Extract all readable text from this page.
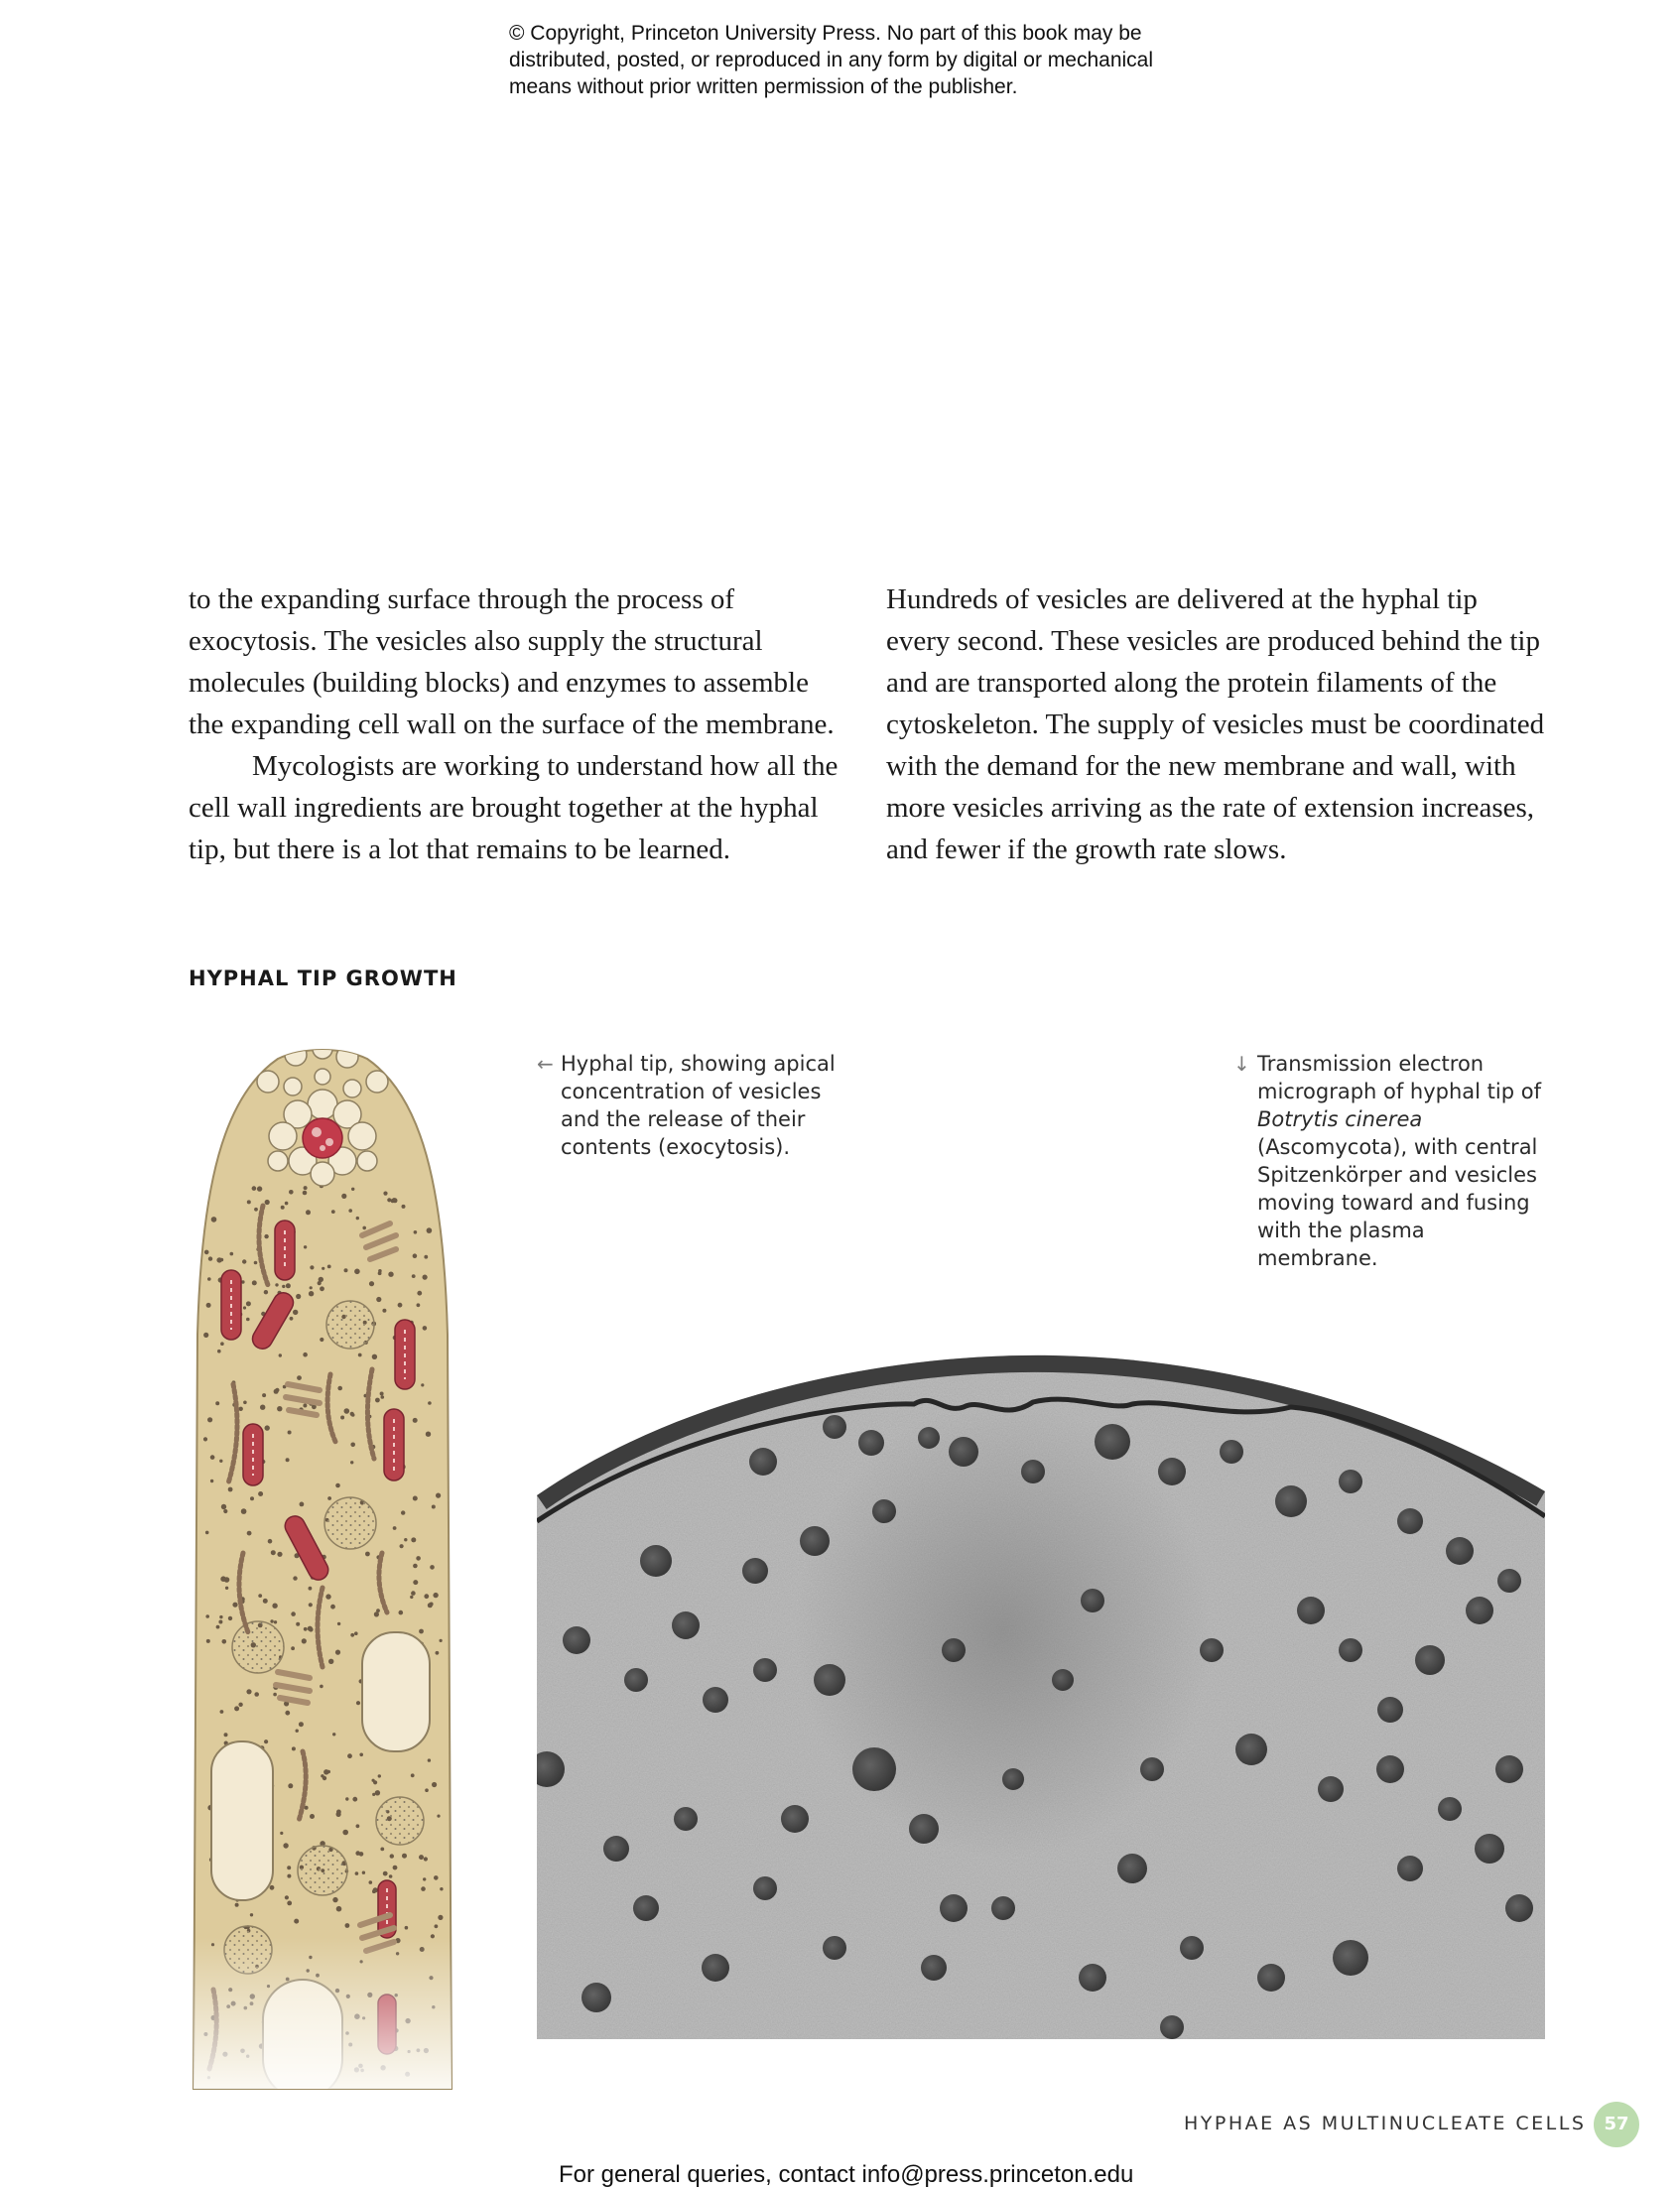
© Copyright, Princeton University Press. No part of this book may be
distributed, posted, or reproduced in any form by digital or mechanical
means without prior written permission of the publisher.

to the expanding surface through the process of exocytosis. The vesicles also supply the structural molecules (building blocks) and enzymes to assemble the expanding cell wall on the surface of the membrane.

Mycologists are working to understand how all the cell wall ingredients are brought together at the hyphal tip, but there is a lot that remains to be learned.

Hundreds of vesicles are delivered at the hyphal tip every second. These vesicles are produced behind the tip and are transported along the protein filaments of the cytoskeleton. The supply of vesicles must be coordinated with the demand for the new membrane and wall, with more vesicles arriving as the rate of extension increases, and fewer if the growth rate slows.

HYPHAL TIP GROWTH
← Hyphal tip, showing apical concentration of vesicles and the release of their contents (exocytosis).
↓ Transmission electron micrograph of hyphal tip of Botrytis cinerea (Ascomycota), with central Spitzenkörper and vesicles moving toward and fusing with the plasma membrane.
HYPHAE AS MULTINUCLEATE CELLS	57
For general queries, contact info@press.princeton.edu
